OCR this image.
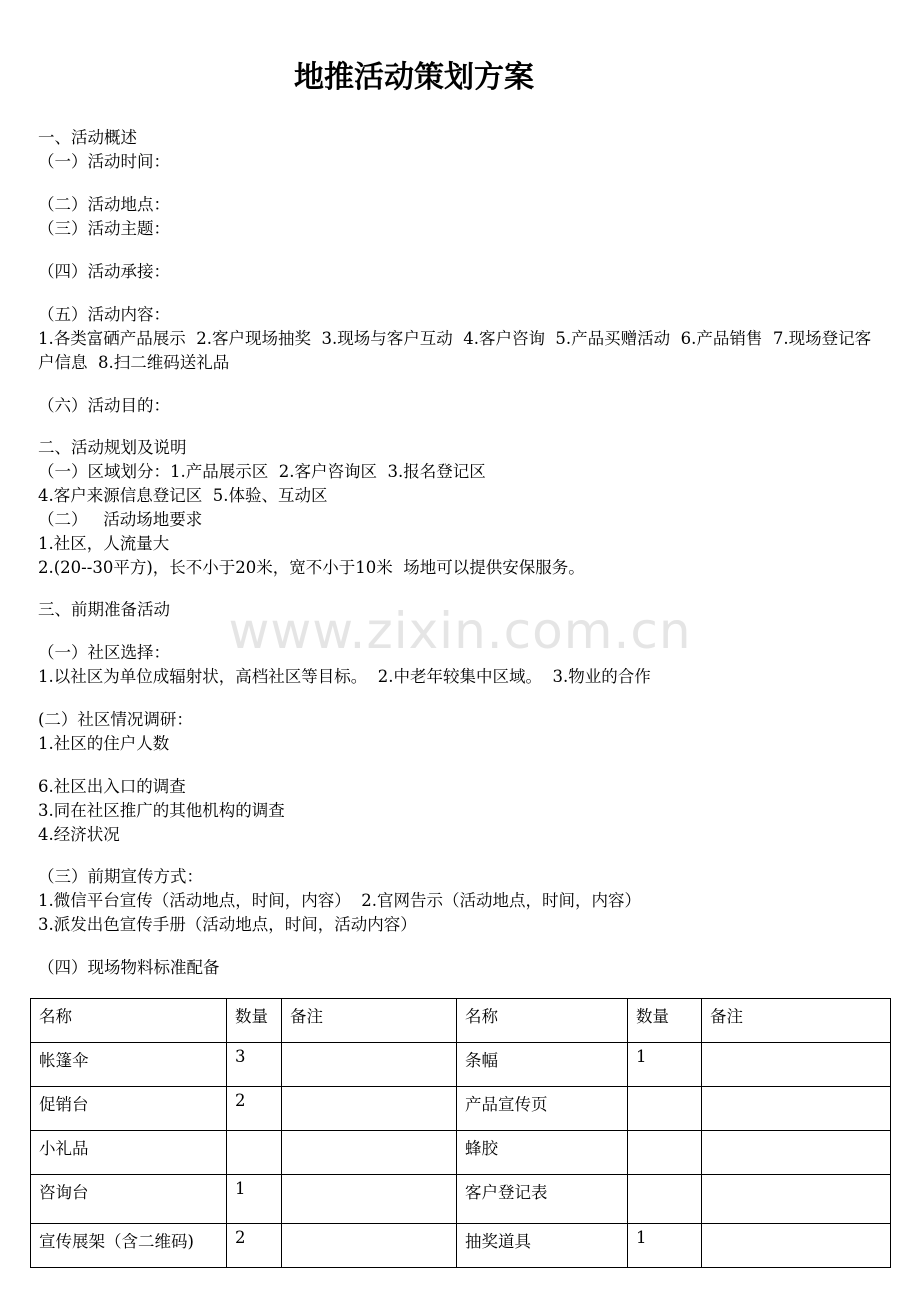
地推活动策划方案
www.zixin.com.cn
一、活动概述
（一）活动时间：
（二）活动地点：
（三）活动主题：
（四）活动承接：
（五）活动内容：
1.各类富硒产品展示  2.客户现场抽奖  3.现场与客户互动  4.客户咨询  5.产品买赠活动  6.产品销售  7.现场登记客户信息  8.扫二维码送礼品
（六）活动目的：
二、活动规划及说明
（一）区域划分：1.产品展示区  2.客户咨询区  3.报名登记区
4.客户来源信息登记区  5.体验、互动区
（二）   活动场地要求
1.社区，人流量大
2.(20--30平方)，长不小于20米，宽不小于10米  场地可以提供安保服务。
三、前期准备活动
（一）社区选择：
1.以社区为单位成辐射状，高档社区等目标。  2.中老年较集中区域。  3.物业的合作
(二）社区情况调研：
1.社区的住户人数
6.社区出入口的调查
3.同在社区推广的其他机构的调查
4.经济状况
（三）前期宣传方式：
1.微信平台宣传（活动地点，时间，内容）  2.官网告示（活动地点，时间，内容）
3.派发出色宣传手册（活动地点，时间，活动内容）
（四）现场物料标准配备
名称	数量	备注	名称	数量	备注
帐篷伞	3		条幅	1	
促销台	2		产品宣传页		
小礼品			蜂胶		
咨询台	1		客户登记表		
宣传展架（含二维码)	2		抽奖道具	1	
